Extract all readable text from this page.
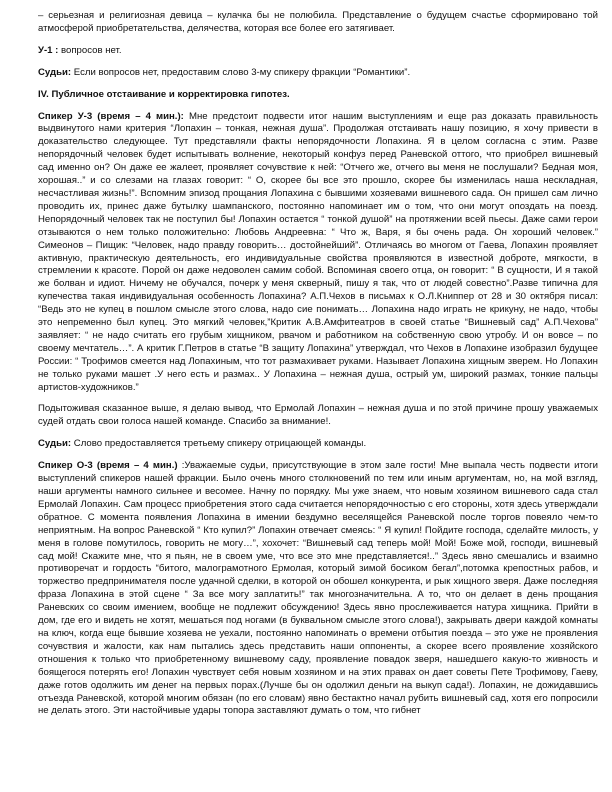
– серьезная и религиозная девица – кулачка бы не полюбила. Представление о будущем счастье сформировано той атмосферой приобретательства, делячества, которая все более его затягивает.

У-1 : вопросов нет.

Судьи: Если вопросов нет, предоставим слово 3-му спикеру фракции “Романтики”.

IV. Публичное отстаивание и корректировка гипотез.

Спикер У-3 (время – 4 мин.): Мне предстоит подвести итог нашим выступлениям и еще раз доказать правильность выдвинутого нами критерия “Лопахин – тонкая, нежная душа”. Продолжая отстаивать нашу позицию, я хочу привести в доказательство следующее. Тут представляли факты непорядочности Лопахина. Я в целом согласна с этим. Разве непорядочный человек будет испытывать волнение, некоторый конфуз перед Раневской оттого, что приобрел вишневый сад именно он? Он даже ее жалеет, проявляет сочувствие к ней: “Отчего же, отчего вы меня не послушали? Бедная моя, хорошая..” и со слезами на глазах говорит: “ О, скорее бы все это прошло, скорее бы изменилась наша нескладная, несчастливая жизнь!”. Вспомним эпизод прощания Лопахина с бывшими хозяевами вишневого сада. Он пришел сам лично проводить их, принес даже бутылку шампанского, постоянно напоминает им о том, что они могут опоздать на поезд. Непорядочный человек так не поступил бы! Лопахин остается “ тонкой душой” на протяжении всей пьесы. Даже сами герои отзываются о нем только положительно: Любовь Андреевна: “ Что ж, Варя, я бы очень рада. Он хороший человек.” Симеонов – Пищик: “Человек, надо правду говорить… достойнейший”. Отличаясь во многом от Гаева, Лопахин проявляет активную, практическую деятельность, его индивидуальные свойства проявляются в известной доброте, мягкости, в стремлении к красоте. Порой он даже недоволен самим собой. Вспоминая своего отца, он говорит: “ В сущности, И я такой же болван и идиот. Ничему не обучался, почерк у меня скверный, пишу я так, что от людей совестно”.Разве типична для купечества такая индивидуальная особенность Лопахина? А.П.Чехов в письмах к О.Л.Книппер от 28 и 30 октября писал: “Ведь это не купец в пошлом смысле этого слова, надо сие понимать… Лопахина надо играть не крикуну, не надо, чтобы это непременно был купец. Это мягкий человек,”Критик А.В.Амфитеатров в своей статье “Вишневый сад” А.П.Чехова” заявляет: “ не надо считать его грубым хищником, рвачом и работником на собственную свою утробу. И он вовсе – по своему мечтатель…”. А критик Г.Петров в статье “В защиту Лопахина” утверждал, что Чехов в Лопахине изобразил будущее России: “ Трофимов смеется над Лопахиным, что тот размахивает руками. Называет Лопахина хищным зверем. Но Лопахин не только руками машет .У него есть и размах.. У Лопахина – нежная душа, острый ум, широкий размах, тонкие пальцы артистов-художников.”

Подытоживая сказанное выше, я делаю вывод, что Ермолай Лопахин – нежная душа и по этой причине прошу уважаемых судей отдать свои голоса нашей команде. Спасибо за внимание!.

Судьи: Слово предоставляется третьему спикеру отрицающей команды.

Спикер О-3 (время – 4 мин.) :Уважаемые судьи, присутствующие в этом зале гости! Мне выпала честь подвести итоги выступлений спикеров нашей фракции. Было очень много столкновений по тем или иным аргументам, но, на мой взгляд, наши аргументы намного сильнее и весомее. Начну по порядку. Мы уже знаем, что новым хозяином вишневого сада стал Ермолай Лопахин. Сам процесс приобретения этого сада считается непорядочностью с его стороны, хотя здесь утверждали обратное. С момента появления Лопахина в имении бездумно веселящейся Раневской после торгов повеяло чем-то неприятным. На вопрос Раневской “ Кто купил?” Лопахин отвечает смеясь: “ Я купил! Пойдите господа, сделайте милость, у меня в голове помутилось, говорить не могу…”, хохочет: “Вишневый сад теперь мой! Мой! Боже мой, господи, вишневый сад мой! Скажите мне, что я пьян, не в своем уме, что все это мне представляется!..” Здесь явно смешались и взаимно противоречат и гордость “битого, малограмотного Ермолая, который зимой босиком бегал”,потомка крепостных рабов, и торжество предпринимателя после удачной сделки, в которой он обошел конкурента, и рык хищного зверя. Даже последняя фраза Лопахина в этой сцене “ За все могу заплатить!” так многозначительна. А то, что он делает в день прощания Раневских со своим имением, вообще не подлежит обсуждению! Здесь явно прослеживается натура хищника. Прийти в дом, где его и видеть не хотят, мешаться под ногами (в буквальном смысле этого слова!), закрывать двери каждой комнаты на ключ, когда еще бывшие хозяева не уехали, постоянно напоминать о времени отбытия поезда – это уже не проявления сочувствия и жалости, как нам пытались здесь представить наши оппоненты, а скорее всего проявление хозяйского отношения к только что приобретенному вишневому саду, проявление повадок зверя, нашедшего какую-то живность и боящегося потерять его! Лопахин чувствует себя новым хозяином и на этих правах он дает советы Пете Трофимову, Гаеву, даже готов одолжить им денег на первых порах.(Лучше бы он одолжил деньги на выкуп сада!). Лопахин, не дожидавшись отъезда Раневской, которой многим обязан (по его словам) явно бестактно начал рубить вишневый сад, хотя его попросили не делать этого. Эти настойчивые удары топора заставляют думать о том, что гибнет
